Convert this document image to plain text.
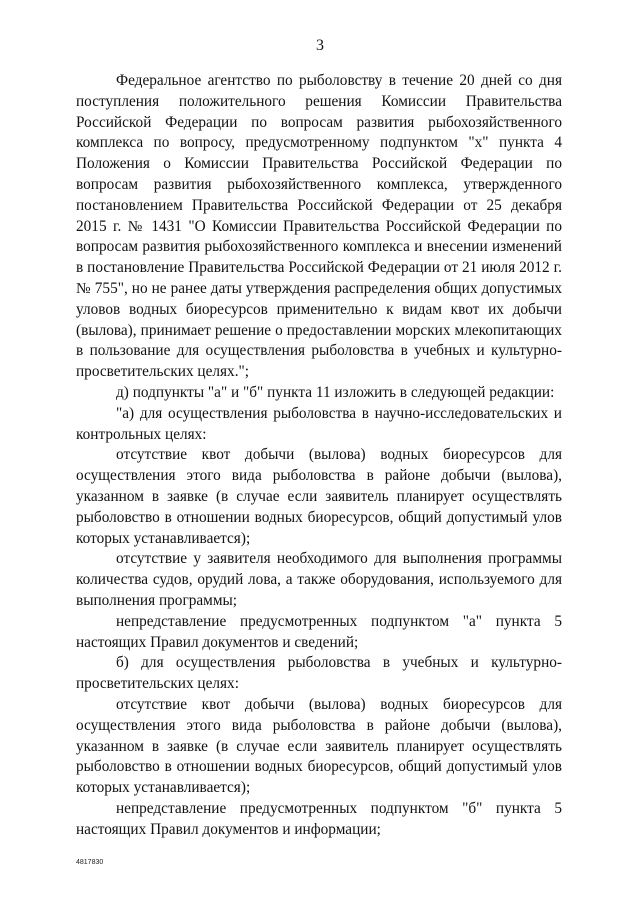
3

Федеральное агентство по рыболовству в течение 20 дней со дня поступления положительного решения Комиссии Правительства Российской Федерации по вопросам развития рыбохозяйственного комплекса по вопросу, предусмотренному подпунктом "х" пункта 4 Положения о Комиссии Правительства Российской Федерации по вопросам развития рыбохозяйственного комплекса, утвержденного постановлением Правительства Российской Федерации от 25 декабря 2015 г. № 1431 "О Комиссии Правительства Российской Федерации по вопросам развития рыбохозяйственного комплекса и внесении изменений в постановление Правительства Российской Федерации от 21 июля 2012 г. № 755", но не ранее даты утверждения распределения общих допустимых уловов водных биоресурсов применительно к видам квот их добычи (вылова), принимает решение о предоставлении морских млекопитающих в пользование для осуществления рыболовства в учебных и культурно-просветительских целях.";

д) подпункты "а" и "б" пункта 11 изложить в следующей редакции:

"а) для осуществления рыболовства в научно-исследовательских и контрольных целях:

отсутствие квот добычи (вылова) водных биоресурсов для осуществления этого вида рыболовства в районе добычи (вылова), указанном в заявке (в случае если заявитель планирует осуществлять рыболовство в отношении водных биоресурсов, общий допустимый улов которых устанавливается);

отсутствие у заявителя необходимого для выполнения программы количества судов, орудий лова, а также оборудования, используемого для выполнения программы;

непредставление предусмотренных подпунктом "а" пункта 5 настоящих Правил документов и сведений;

б) для осуществления рыболовства в учебных и культурно-просветительских целях:

отсутствие квот добычи (вылова) водных биоресурсов для осуществления этого вида рыболовства в районе добычи (вылова), указанном в заявке (в случае если заявитель планирует осуществлять рыболовство в отношении водных биоресурсов, общий допустимый улов которых устанавливается);

непредставление предусмотренных подпунктом "б" пункта 5 настоящих Правил документов и информации;

4817830
